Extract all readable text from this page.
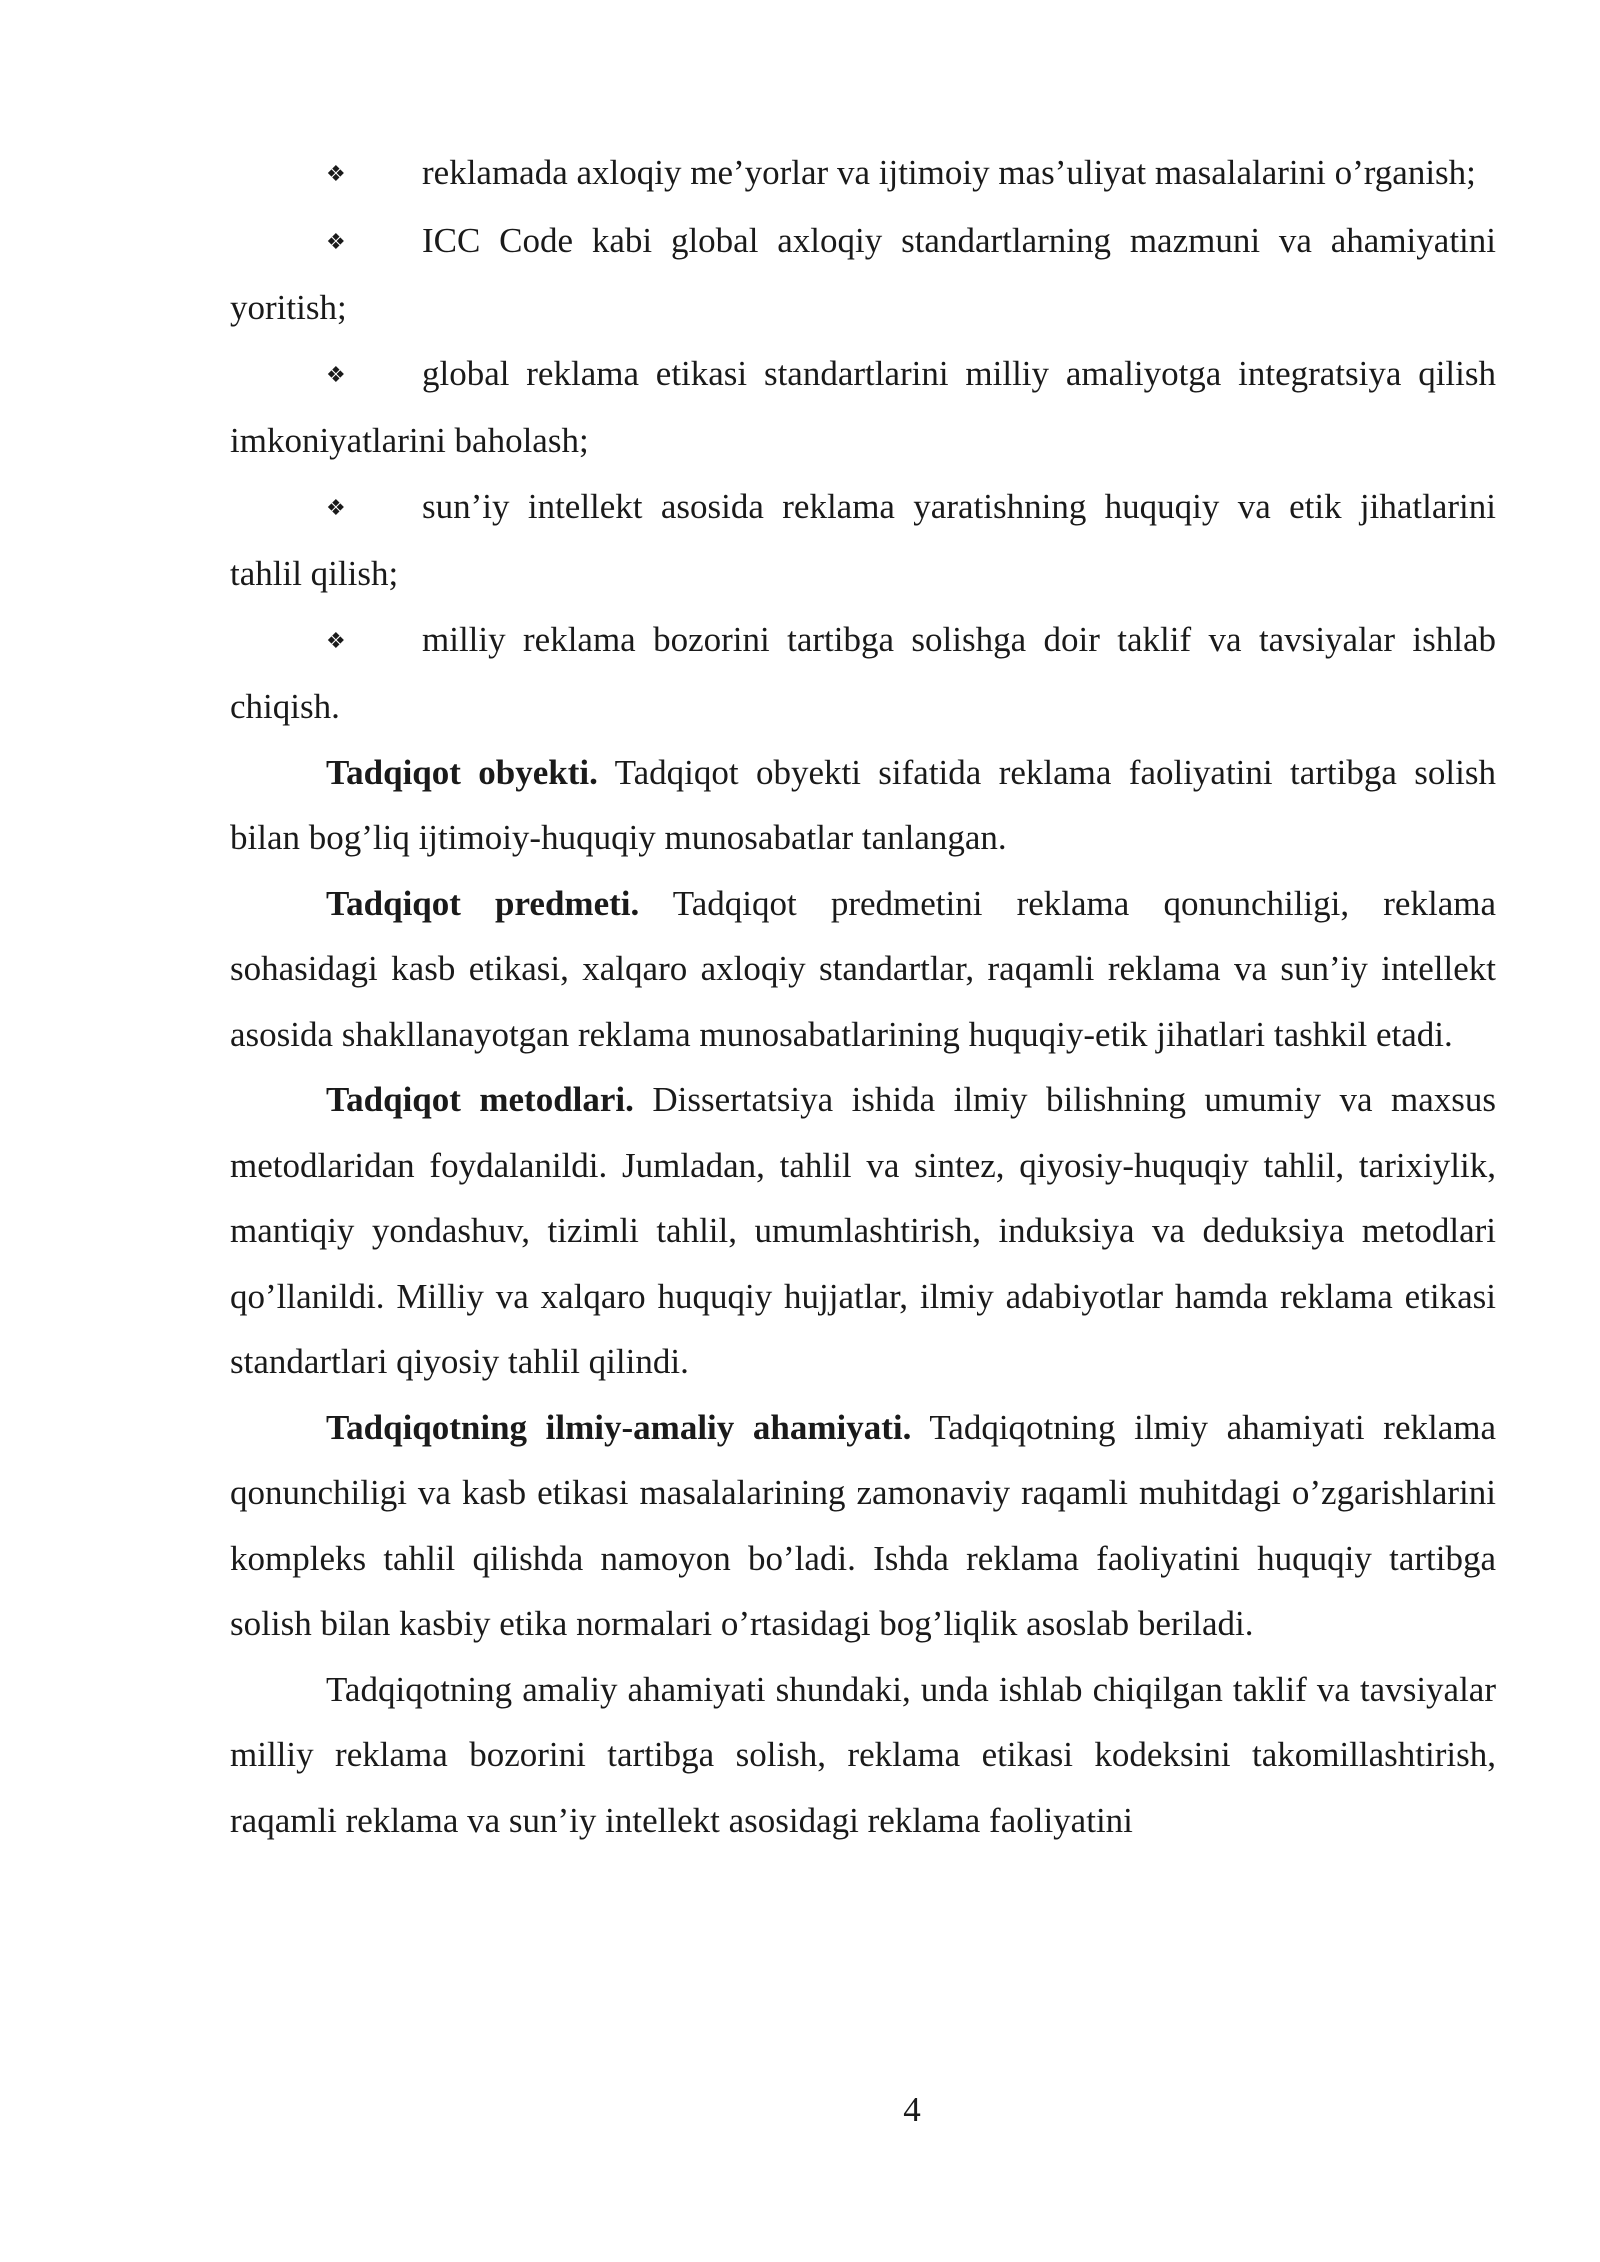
❖ reklamada axloqiy me’yorlar va ijtimoiy mas’uliyat masalalarini o’rganish;

❖ ICC Code kabi global axloqiy standartlarning mazmuni va ahamiyatini yoritish;

❖ global reklama etikasi standartlarini milliy amaliyotga integratsiya qilish imkoniyatlarini baholash;

❖ sun’iy intellekt asosida reklama yaratishning huquqiy va etik jihatlarini tahlil qilish;

❖ milliy reklama bozorini tartibga solishga doir taklif va tavsiyalar ishlab chiqish.

Tadqiqot obyekti. Tadqiqot obyekti sifatida reklama faoliyatini tartibga solish bilan bog’liq ijtimoiy-huquqiy munosabatlar tanlangan.

Tadqiqot predmeti. Tadqiqot predmetini reklama qonunchiligi, reklama sohasidagi kasb etikasi, xalqaro axloqiy standartlar, raqamli reklama va sun’iy intellekt asosida shakllanayotgan reklama munosabatlarining huquqiy-etik jihatlari tashkil etadi.

Tadqiqot metodlari. Dissertatsiya ishida ilmiy bilishning umumiy va maxsus metodlaridan foydalanildi. Jumladan, tahlil va sintez, qiyosiy-huquqiy tahlil, tarixiylik, mantiqiy yondashuv, tizimli tahlil, umumlashtirish, induksiya va deduksiya metodlari qo’llanildi. Milliy va xalqaro huquqiy hujjatlar, ilmiy adabiyotlar hamda reklama etikasi standartlari qiyosiy tahlil qilindi.

Tadqiqotning ilmiy-amaliy ahamiyati. Tadqiqotning ilmiy ahamiyati reklama qonunchiligi va kasb etikasi masalalarining zamonaviy raqamli muhitdagi o’zgarishlarini kompleks tahlil qilishda namoyon bo’ladi. Ishda reklama faoliyatini huquqiy tartibga solish bilan kasbiy etika normalari o’rtasidagi bog’liqlik asoslab beriladi.

Tadqiqotning amaliy ahamiyati shundaki, unda ishlab chiqilgan taklif va tavsiyalar milliy reklama bozorini tartibga solish, reklama etikasi kodeksini takomillashtirish, raqamli reklama va sun’iy intellekt asosidagi reklama faoliyatini

4
